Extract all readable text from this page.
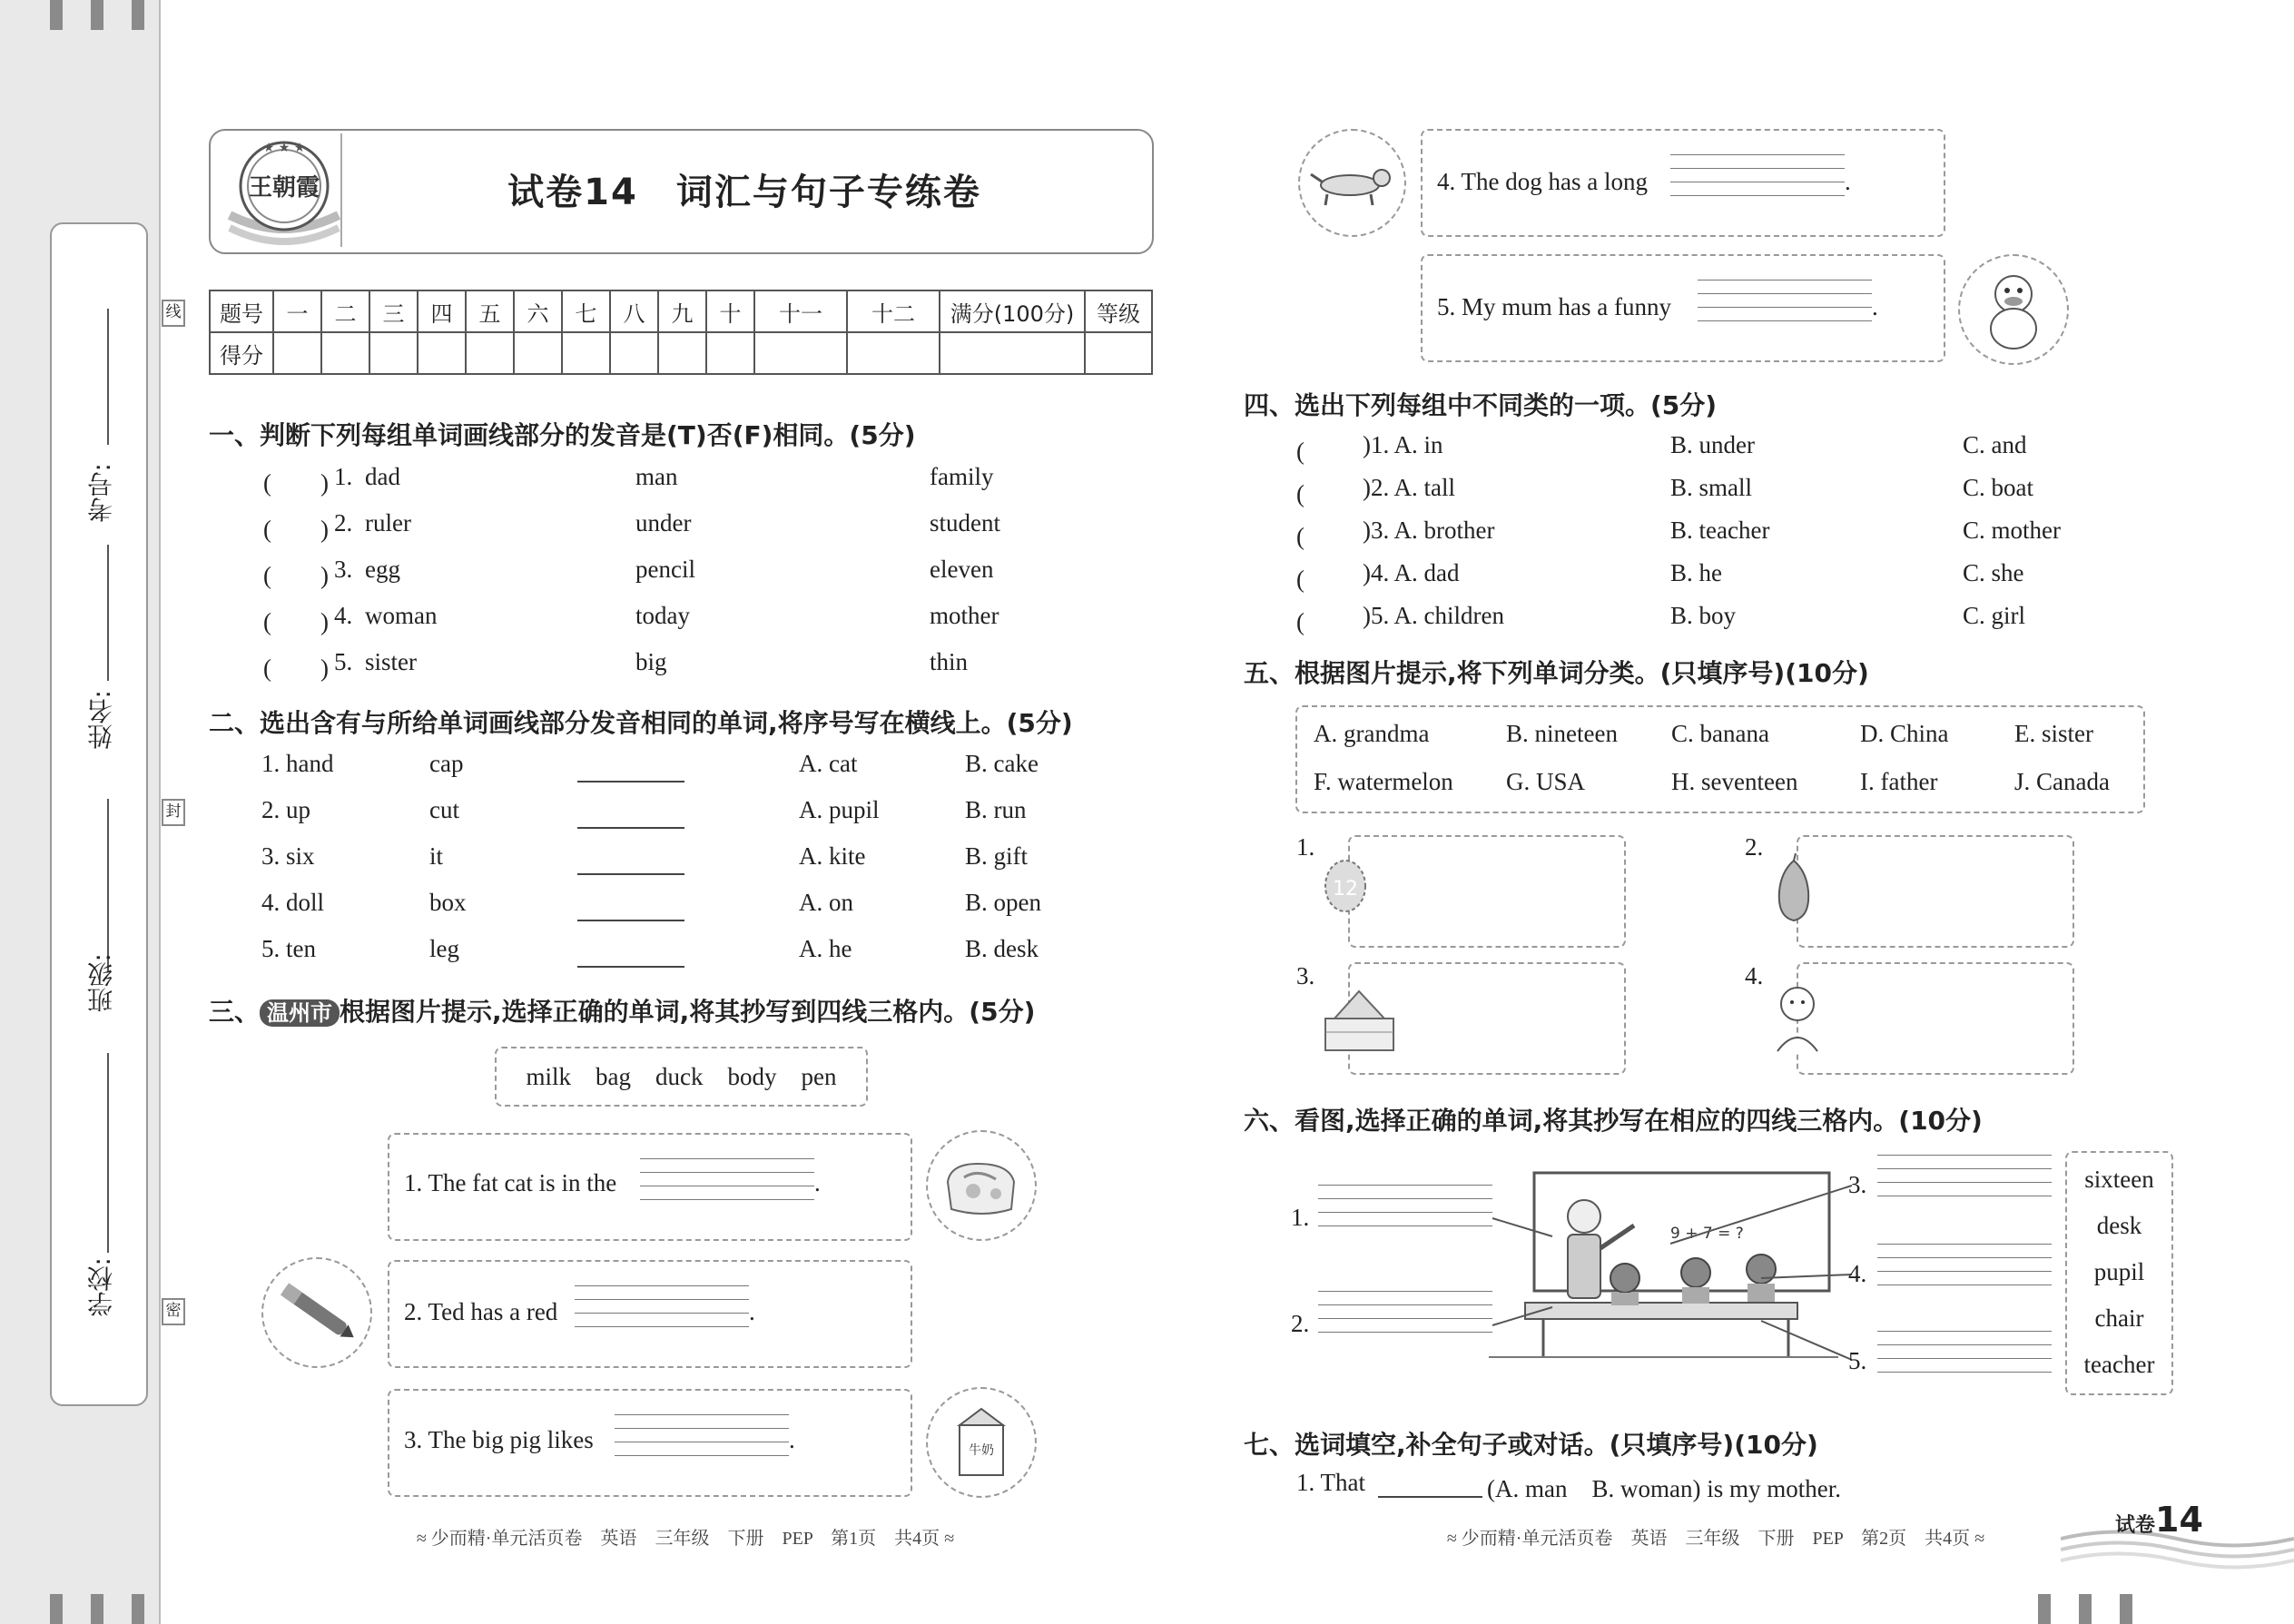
考号:
姓名:
班级:
学校:
线
封
密
★ ★ ★
王朝霞	试卷14　词汇与句子专练卷
题号	一	二	三	四	五	六	七	八	九	十	十一	十二	满分(100分)	等级
得分														
一、判断下列每组单词画线部分的发音是(T)否(F)相同。(5分)
(　　) 1. dad	man	family
(　　) 2. ruler	under	student
(　　) 3. egg	pencil	eleven
(　　) 4. woman	today	mother
(　　) 5. sister	big	thin
二、选出含有与所给单词画线部分发音相同的单词,将序号写在横线上。(5分)
1. hand	cap	A. cat	B. cake
2. up	cut	A. pupil	B. run
3. six	it	A. kite	B. gift
4. doll	box	A. on	B. open
5. ten	leg	A. he	B. desk
三、 温州市 根据图片提示,选择正确的单词,将其抄写到四线三格内。(5分)
milk　bag　duck　body　pen
1. The fat cat is in the	.
2. Ted has a red	.
3. The big pig likes	.	牛奶
≈ 少而精·单元活页卷　英语　三年级　下册　PEP　第1页　共4页 ≈
4. The dog has a long	.
5. My mum has a funny	.
四、选出下列每组中不同类的一项。(5分)
(　　 )1. A. in	B. under	C. and
(　　 )2. A. tall	B. small	C. boat
(　　 )3. A. brother	B. teacher	C. mother
(　　 )4. A. dad	B. he	C. she
(　　 )5. A. children	B. boy	C. girl
五、根据图片提示,将下列单词分类。(只填序号)(10分)
A. grandma	B. nineteen C. banana	D. China	E. sister
F. watermelon G. USA	H. seventeen	I. father	J. Canada
1.
12
2.
3.	4.
六、看图,选择正确的单词,将其抄写在相应的四线三格内。(10分)
1.
2.
9 + 7 = ?
3.
4.
5.
sixteen
desk
pupil
chair
teacher
七、选词填空,补全句子或对话。(只填序号)(10分)
1. That	(A. man　B. woman) is my mother.
≈ 少而精·单元活页卷　英语　三年级　下册　PEP　第2页　共4页 ≈
试卷14
